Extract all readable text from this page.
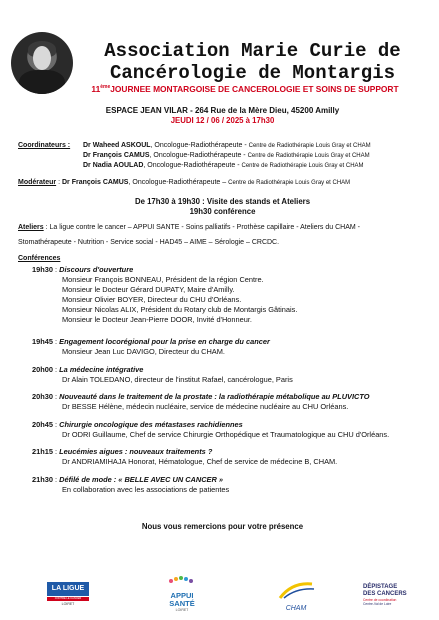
Association Marie Curie de
Cancérologie de Montargis
11èmeJOURNEE MONTARGOISE DE CANCEROLOGIE ET SOINS DE SUPPORT
ESPACE JEAN VILAR - 264 Rue de la Mère Dieu, 45200 Amilly
JEUDI 12 / 06 / 2025 à 17h30
Coordinateurs : Dr Waheed ASKOUL, Oncologue-Radiothérapeute - Centre de Radiothérapie Louis Gray et CHAM
Dr François CAMUS, Oncologue-Radiothérapeute - Centre de Radiothérapie Louis Gray et CHAM
Dr Nadia AOULAD, Oncologue-Radiothérapeute - Centre de Radiothérapie Louis Gray et CHAM
Modérateur : Dr François CAMUS, Oncologue-Radiothérapeute – Centre de Radiothérapie Louis Gray et CHAM
De 17h30 à 19h30 : Visite des stands et Ateliers
19h30 conférence
Ateliers : La ligue contre le cancer – APPUI SANTE - Soins palliatifs - Prothèse capillaire - Ateliers du CHAM -
Stomathérapeute - Nutrition - Service social - HAD45 – AIME – Sérologie – CRCDC.
Conférences
19h30 : Discours d'ouverture
Monsieur François BONNEAU, Président de la région Centre.
Monsieur le Docteur Gérard DUPATY, Maire d'Amilly.
Monsieur Olivier BOYER, Directeur du CHU d'Orléans.
Monsieur Nicolas ALIX, Président du Rotary club de Montargis Gâtinais.
Monsieur le Docteur Jean-Pierre DOOR, Invité d'Honneur.
19h45 : Engagement locorégional pour la prise en charge du cancer
Monsieur Jean Luc DAVIGO, Directeur du CHAM.
20h00 : La médecine intégrative
Dr Alain TOLEDANO, directeur de l'institut Rafael, cancérologue, Paris
20h30 : Nouveauté dans le traitement de la prostate : la radiothérapie métabolique au PLUVICTO
Dr BESSE Hélène, médecin nucléaire, service de médecine nucléaire au CHU Orléans.
20h45 : Chirurgie oncologique des métastases rachidiennes
Dr ODRI Guillaume, Chef de service Chirurgie Orthopédique et Traumatologique au CHU d'Orléans.
21h15 : Leucémies aigues : nouveaux traitements ?
Dr ANDRIAMIHAJA Honorat, Hématologue, Chef de service de médecine B, CHAM.
21h30 : Défilé de mode : « BELLE AVEC UN CANCER »
En collaboration avec les associations de patientes
Nous vous remercions pour votre présence
LA LIGUE
CONTRE LE CANCER
LOIRET
APPUI
SANTÉ
LOIRET	CHAM
DÉPISTAGE
DES CANCERS
Centre de coordination
Centre-Val de Loire
